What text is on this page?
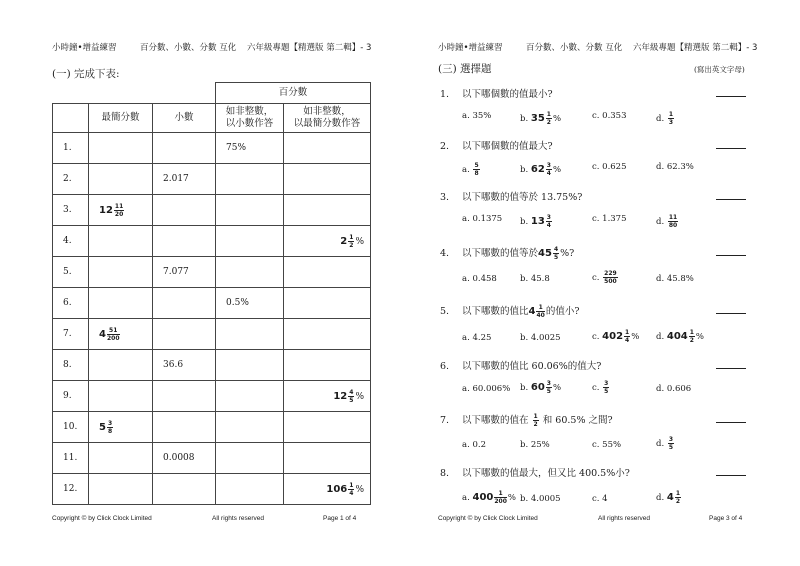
小時鐘•增益練習	百分數、小數、分數 互化 六年級專題【精選版 第二輯】- 3
(一) 完成下表:
			百分數	
	最簡分數	小數	如非整數，
以小數作答	如非整數，
以最簡分數作答
1.			75%	
2.		2.017		
3.	$12 \frac{11}{20}$

4.				$2 \frac{1}{2}$ %
5.		7.077		
6.			0.5%	
7.	$4 \frac{51}{200}$

8.		36.6		
9.				$12 \frac{4}{5}$ %
10.	$5 \frac{3}{8}$

11.		0.0008		
12.				$106 \frac{1}{4}$ %
Copyright © by Click Clock Limited	All rights reserved	Page 1 of 4
小時鐘•增益練習	百分數、小數、分數 互化 六年級專題【精選版 第二輯】- 3
(三) 選擇題	(寫出英文字母)
1. 以下哪個數的值最小?
a. 35%	b. $35 \frac{1}{2}$ %	c. 0.353	d. $\frac{1}{3}$
2. 以下哪個數的值最大?
a. $\frac{5}{8}$	b. $62 \frac{3}{4}$ %	c. 0.625	d. 62.3%
3. 以下哪數的值等於 13.75%?
a. 0.1375 b. $13 \frac{3}{4}$	c. 1.375	d. $\frac{11}{80}$
4. 以下哪數的值等於$45 \frac{4}{5}$ %?
a. 0.458	b. 45.8	c. $\frac{229}{500}$	d. 45.8%
5. 以下哪數的值比$4 \frac{1}{40}$ 的值小?
a. 4.25	b. 4.0025	c. $402 \frac{1}{4}$ % d. $404 \frac{1}{2}$ %
6. 以下哪數的值比 60.06%的值大?
a. 60.006% b. $60 \frac{3}{5}$ %	c. $\frac{3}{5}$	d. 0.606
7. 以下哪數的值在 $\frac{1}{2}$ 和 60.5% 之間?
a. 0.2	b. 25%	c. 55%	d. $\frac{3}{5}$
8. 以下哪數的值最大，但又比 400.5%小?
a. $400 \frac{1}{200}$ % b. 4.0005	c. 4	d. $4 \frac{1}{2}$
Copyright © by Click Clock Limited	All rights reserved	Page 3 of 4
